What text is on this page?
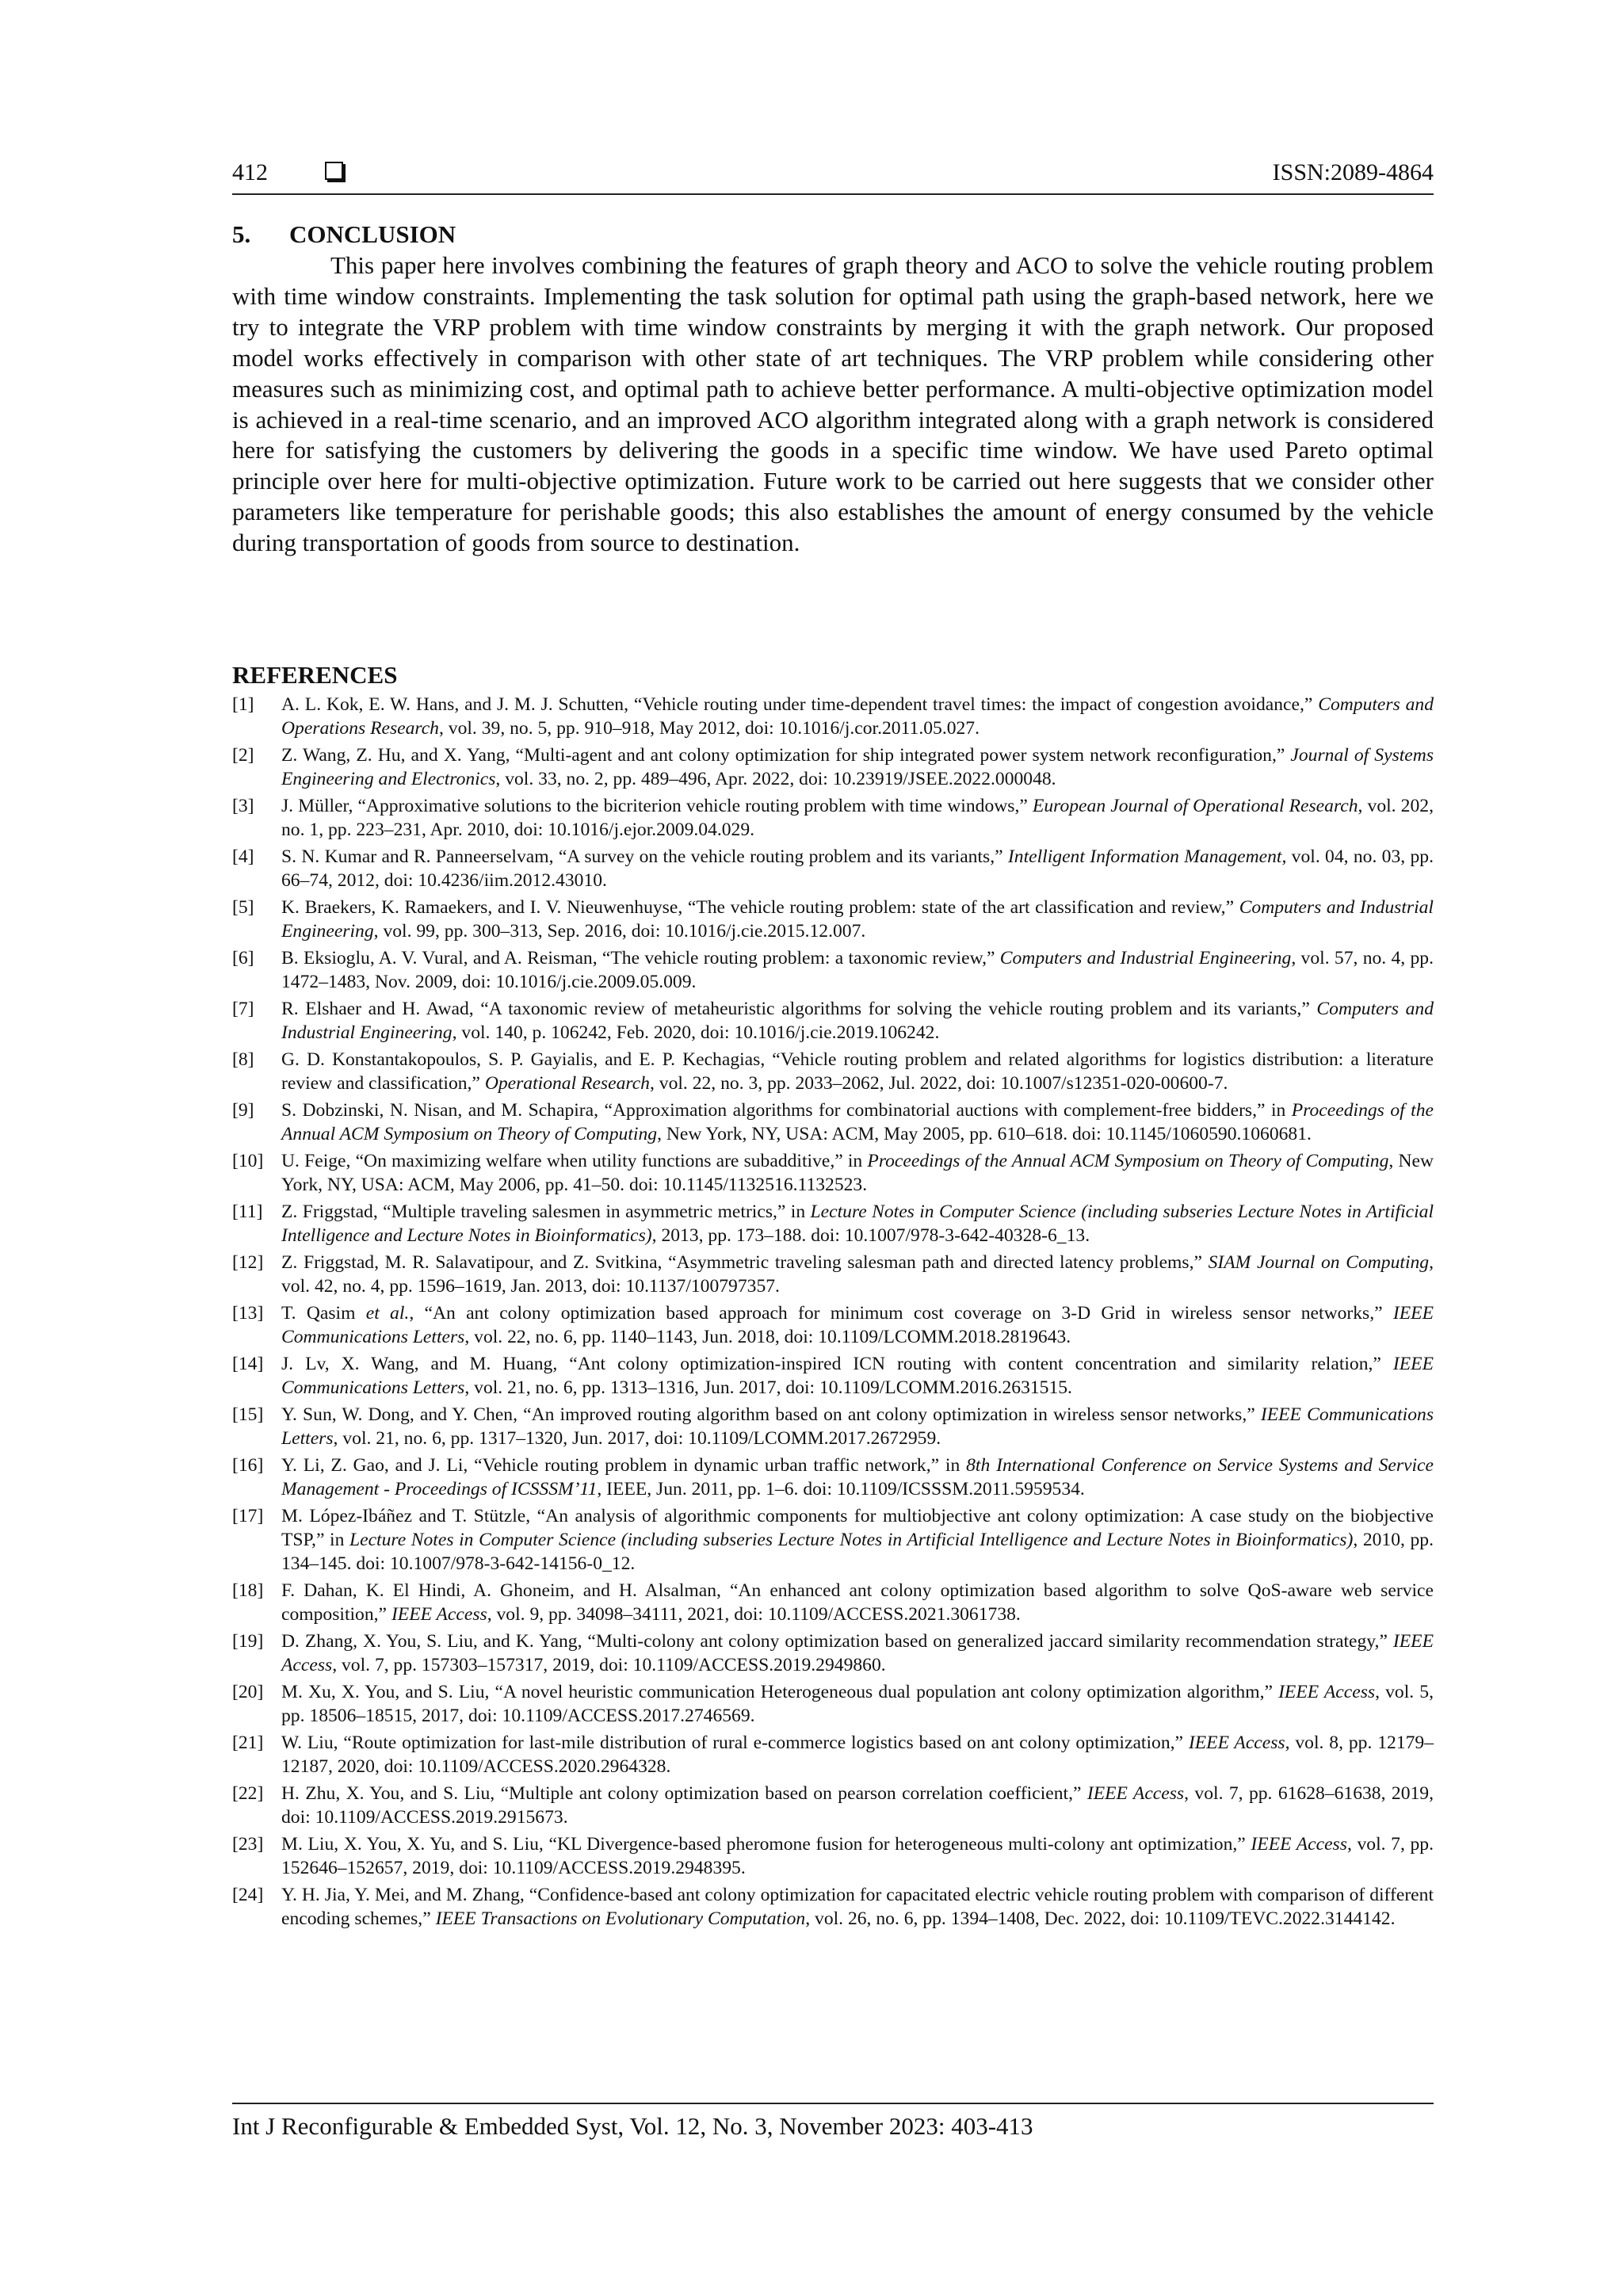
412	ISSN:2089-4864
5. CONCLUSION

This paper here involves combining the features of graph theory and ACO to solve the vehicle routing problem with time window constraints. Implementing the task solution for optimal path using the graph-based network, here we try to integrate the VRP problem with time window constraints by merging it with the graph network. Our proposed model works effectively in comparison with other state of art techniques. The VRP problem while considering other measures such as minimizing cost, and optimal path to achieve better performance. A multi-objective optimization model is achieved in a real-time scenario, and an improved ACO algorithm integrated along with a graph network is considered here for satisfying the customers by delivering the goods in a specific time window. We have used Pareto optimal principle over here for multi-objective optimization. Future work to be carried out here suggests that we consider other parameters like temperature for perishable goods; this also establishes the amount of energy consumed by the vehicle during transportation of goods from source to destination.

REFERENCES
[1] A. L. Kok, E. W. Hans, and J. M. J. Schutten, “Vehicle routing under time-dependent travel times: the impact of congestion avoidance,” Computers and Operations Research, vol. 39, no. 5, pp. 910–918, May 2012, doi: 10.1016/j.cor.2011.05.027.
[2] Z. Wang, Z. Hu, and X. Yang, “Multi-agent and ant colony optimization for ship integrated power system network reconfiguration,” Journal of Systems Engineering and Electronics, vol. 33, no. 2, pp. 489–496, Apr. 2022, doi: 10.23919/JSEE.2022.000048.
[3] J. Müller, “Approximative solutions to the bicriterion vehicle routing problem with time windows,” European Journal of Operational Research, vol. 202, no. 1, pp. 223–231, Apr. 2010, doi: 10.1016/j.ejor.2009.04.029.
[4] S. N. Kumar and R. Panneerselvam, “A survey on the vehicle routing problem and its variants,” Intelligent Information Management, vol. 04, no. 03, pp. 66–74, 2012, doi: 10.4236/iim.2012.43010.
[5] K. Braekers, K. Ramaekers, and I. V. Nieuwenhuyse, “The vehicle routing problem: state of the art classification and review,” Computers and Industrial Engineering, vol. 99, pp. 300–313, Sep. 2016, doi: 10.1016/j.cie.2015.12.007.
[6] B. Eksioglu, A. V. Vural, and A. Reisman, “The vehicle routing problem: a taxonomic review,” Computers and Industrial Engineering, vol. 57, no. 4, pp. 1472–1483, Nov. 2009, doi: 10.1016/j.cie.2009.05.009.
[7] R. Elshaer and H. Awad, “A taxonomic review of metaheuristic algorithms for solving the vehicle routing problem and its variants,” Computers and Industrial Engineering, vol. 140, p. 106242, Feb. 2020, doi: 10.1016/j.cie.2019.106242.
[8] G. D. Konstantakopoulos, S. P. Gayialis, and E. P. Kechagias, “Vehicle routing problem and related algorithms for logistics distribution: a literature review and classification,” Operational Research, vol. 22, no. 3, pp. 2033–2062, Jul. 2022, doi: 10.1007/s12351-020-00600-7.
[9] S. Dobzinski, N. Nisan, and M. Schapira, “Approximation algorithms for combinatorial auctions with complement-free bidders,” in Proceedings of the Annual ACM Symposium on Theory of Computing, New York, NY, USA: ACM, May 2005, pp. 610–618. doi: 10.1145/1060590.1060681.
[10] U. Feige, “On maximizing welfare when utility functions are subadditive,” in Proceedings of the Annual ACM Symposium on Theory of Computing, New York, NY, USA: ACM, May 2006, pp. 41–50. doi: 10.1145/1132516.1132523.
[11] Z. Friggstad, “Multiple traveling salesmen in asymmetric metrics,” in Lecture Notes in Computer Science (including subseries Lecture Notes in Artificial Intelligence and Lecture Notes in Bioinformatics), 2013, pp. 173–188. doi: 10.1007/978-3-642-40328-6_13.
[12] Z. Friggstad, M. R. Salavatipour, and Z. Svitkina, “Asymmetric traveling salesman path and directed latency problems,” SIAM Journal on Computing, vol. 42, no. 4, pp. 1596–1619, Jan. 2013, doi: 10.1137/100797357.
[13] T. Qasim et al., “An ant colony optimization based approach for minimum cost coverage on 3-D Grid in wireless sensor networks,” IEEE Communications Letters, vol. 22, no. 6, pp. 1140–1143, Jun. 2018, doi: 10.1109/LCOMM.2018.2819643.
[14] J. Lv, X. Wang, and M. Huang, “Ant colony optimization-inspired ICN routing with content concentration and similarity relation,” IEEE Communications Letters, vol. 21, no. 6, pp. 1313–1316, Jun. 2017, doi: 10.1109/LCOMM.2016.2631515.
[15] Y. Sun, W. Dong, and Y. Chen, “An improved routing algorithm based on ant colony optimization in wireless sensor networks,” IEEE Communications Letters, vol. 21, no. 6, pp. 1317–1320, Jun. 2017, doi: 10.1109/LCOMM.2017.2672959.
[16] Y. Li, Z. Gao, and J. Li, “Vehicle routing problem in dynamic urban traffic network,” in 8th International Conference on Service Systems and Service Management - Proceedings of ICSSSM’11, IEEE, Jun. 2011, pp. 1–6. doi: 10.1109/ICSSSM.2011.5959534.
[17] M. López-Ibáñez and T. Stützle, “An analysis of algorithmic components for multiobjective ant colony optimization: A case study on the biobjective TSP,” in Lecture Notes in Computer Science (including subseries Lecture Notes in Artificial Intelligence and Lecture Notes in Bioinformatics), 2010, pp. 134–145. doi: 10.1007/978-3-642-14156-0_12.
[18] F. Dahan, K. El Hindi, A. Ghoneim, and H. Alsalman, “An enhanced ant colony optimization based algorithm to solve QoS-aware web service composition,” IEEE Access, vol. 9, pp. 34098–34111, 2021, doi: 10.1109/ACCESS.2021.3061738.
[19] D. Zhang, X. You, S. Liu, and K. Yang, “Multi-colony ant colony optimization based on generalized jaccard similarity recommendation strategy,” IEEE Access, vol. 7, pp. 157303–157317, 2019, doi: 10.1109/ACCESS.2019.2949860.
[20] M. Xu, X. You, and S. Liu, “A novel heuristic communication Heterogeneous dual population ant colony optimization algorithm,” IEEE Access, vol. 5, pp. 18506–18515, 2017, doi: 10.1109/ACCESS.2017.2746569.
[21] W. Liu, “Route optimization for last-mile distribution of rural e-commerce logistics based on ant colony optimization,” IEEE Access, vol. 8, pp. 12179–12187, 2020, doi: 10.1109/ACCESS.2020.2964328.
[22] H. Zhu, X. You, and S. Liu, “Multiple ant colony optimization based on pearson correlation coefficient,” IEEE Access, vol. 7, pp. 61628–61638, 2019, doi: 10.1109/ACCESS.2019.2915673.
[23] M. Liu, X. You, X. Yu, and S. Liu, “KL Divergence-based pheromone fusion for heterogeneous multi-colony ant optimization,” IEEE Access, vol. 7, pp. 152646–152657, 2019, doi: 10.1109/ACCESS.2019.2948395.
[24] Y. H. Jia, Y. Mei, and M. Zhang, “Confidence-based ant colony optimization for capacitated electric vehicle routing problem with comparison of different encoding schemes,” IEEE Transactions on Evolutionary Computation, vol. 26, no. 6, pp. 1394–1408, Dec. 2022, doi: 10.1109/TEVC.2022.3144142.
Int J Reconfigurable & Embedded Syst, Vol. 12, No. 3, November 2023: 403-413
